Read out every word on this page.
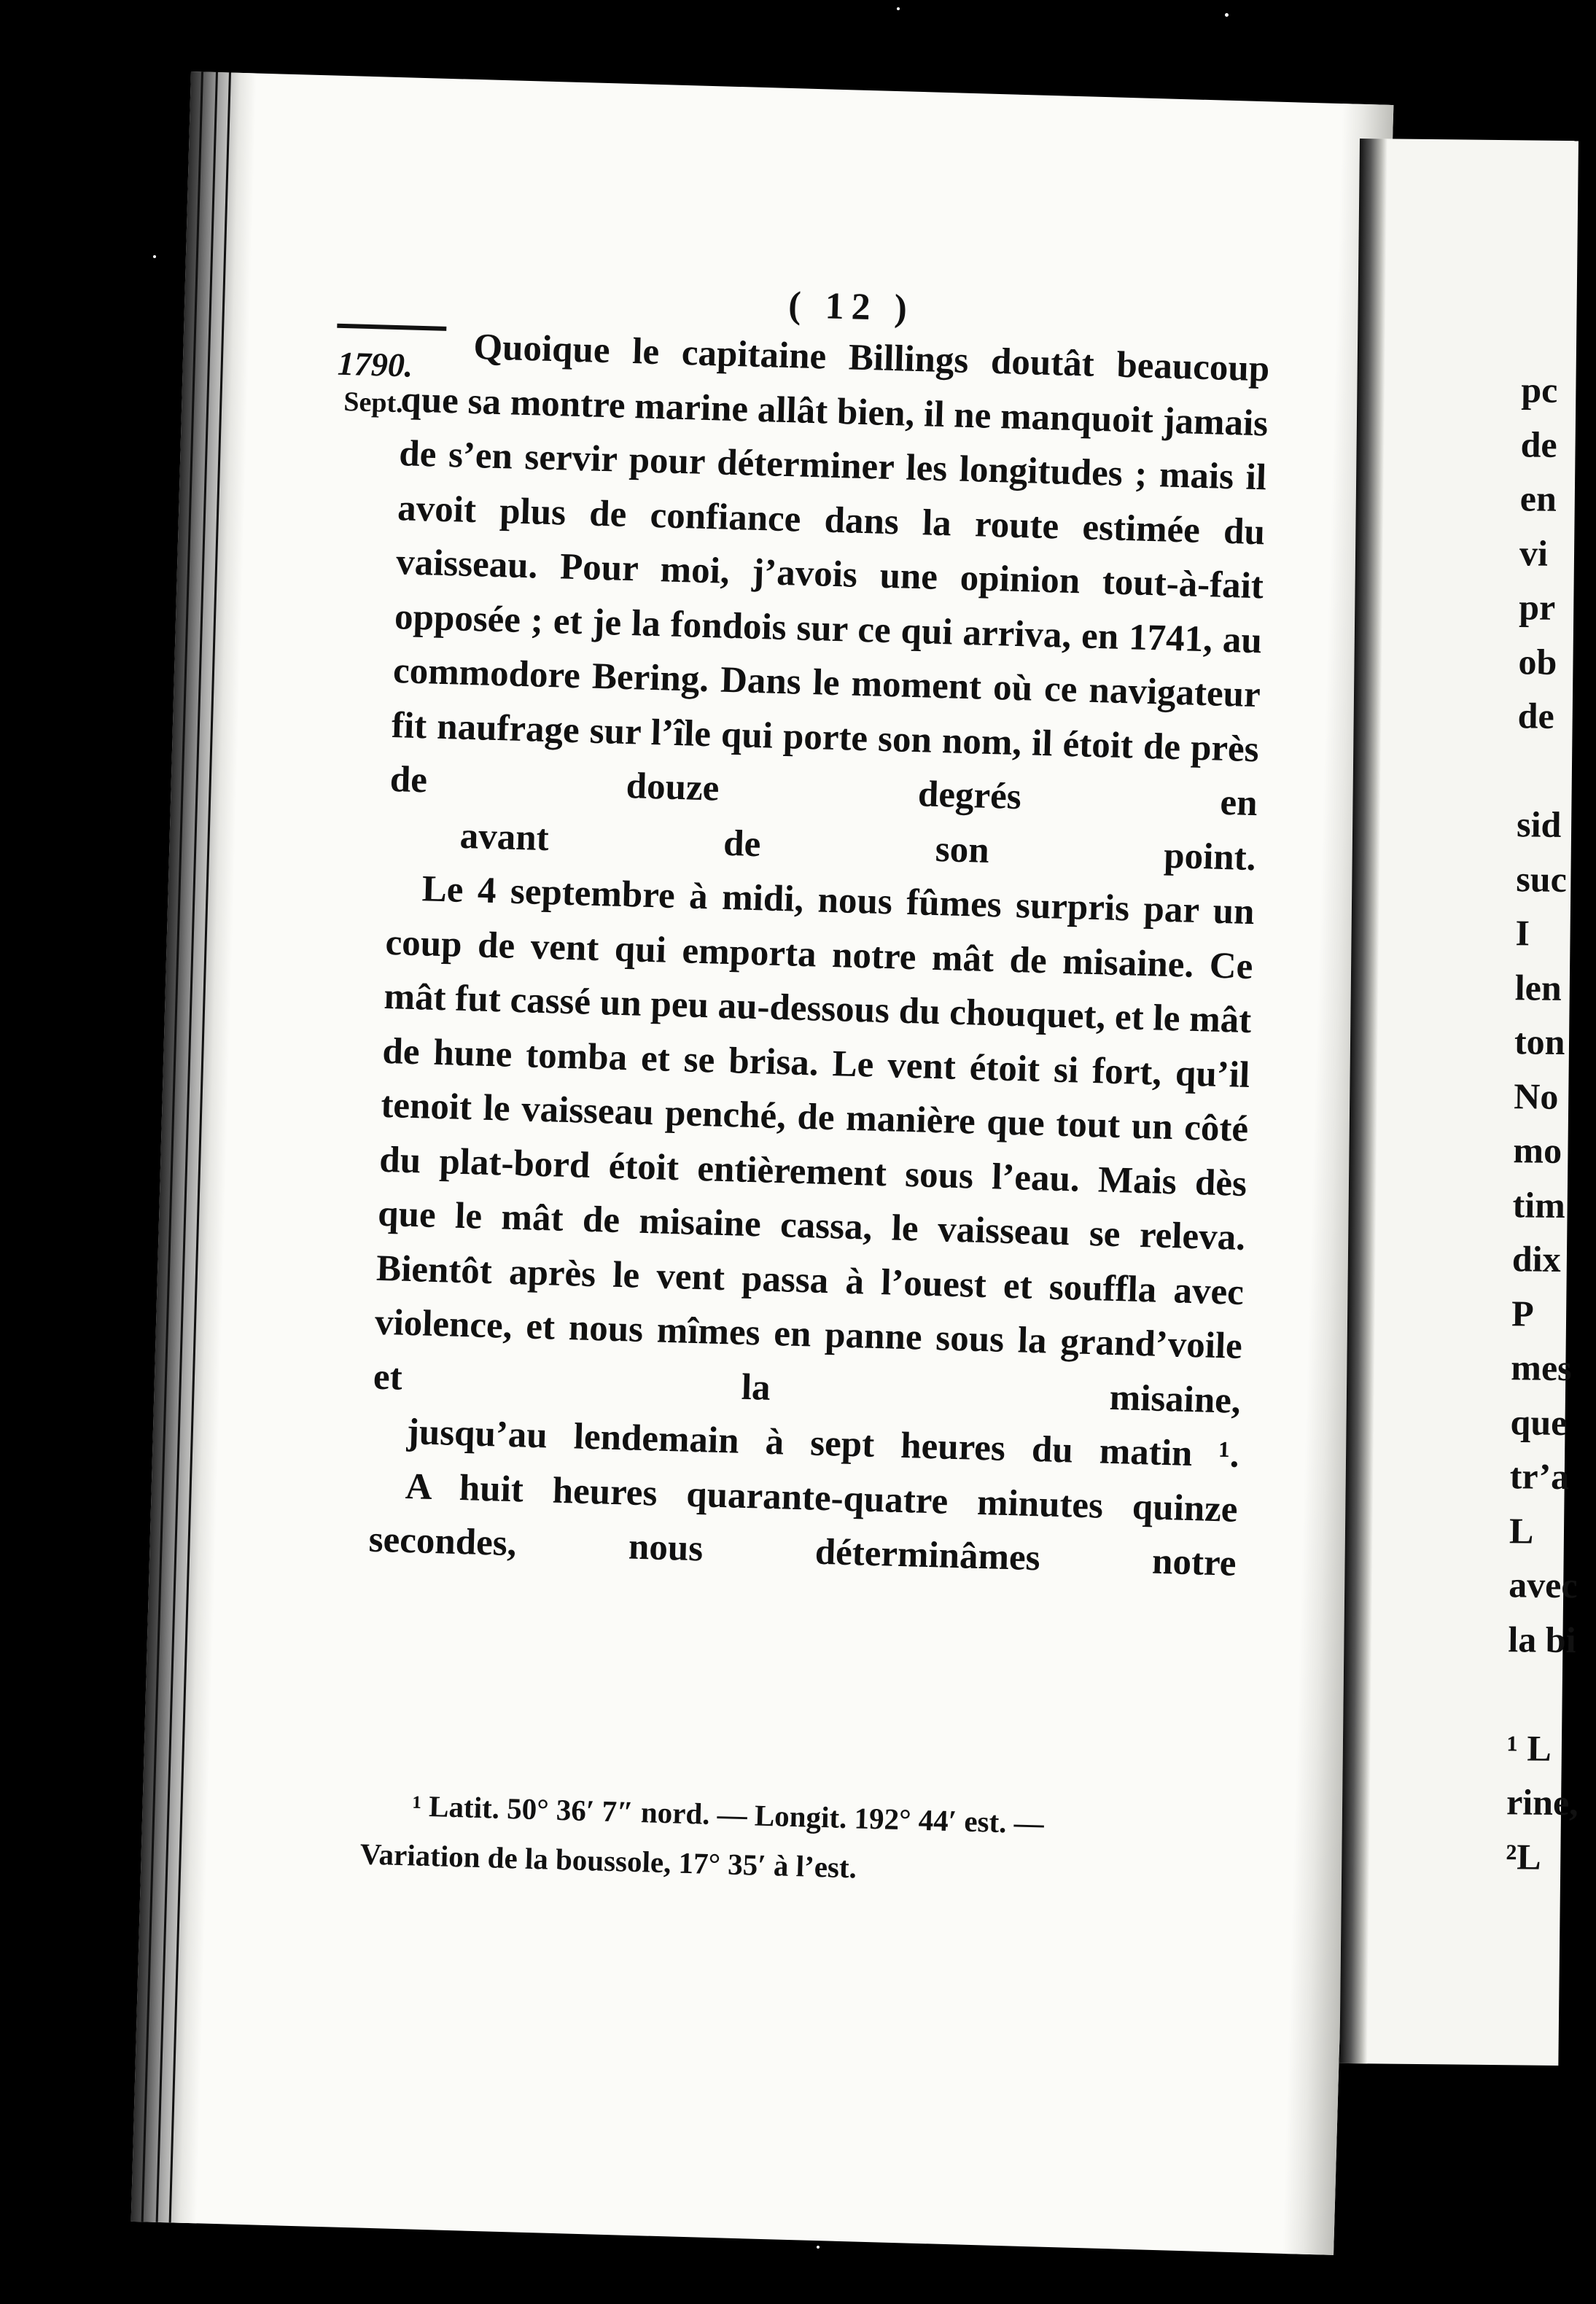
( 12 )

1790.
Sept.

Quoique le capitaine Billings doutât beaucoup que sa montre marine allât bien, il ne manquoit jamais de s’en servir pour déterminer les longitudes ; mais il avoit plus de confiance dans la route estimée du vaisseau. Pour moi, j’avois une opinion tout-à-fait opposée ; et je la fondois sur ce qui arriva, en 1741, au commodore Bering. Dans le moment où ce navigateur fit naufrage sur l’île qui porte son nom, il étoit de près de douze degrés en
avant de son point.

Le 4 septembre à midi, nous fûmes surpris par un coup de vent qui emporta notre mât de misaine. Ce mât fut cassé un peu au-dessous du chouquet, et le mât de hune tomba et se brisa. Le vent étoit si fort, qu’il tenoit le vaisseau penché, de manière que tout un côté du plat-bord étoit entièrement sous l’eau. Mais dès que le mât de misaine cassa, le vaisseau se releva. Bientôt après le vent passa à l’ouest et souffla avec violence, et nous mîmes en panne sous la grand’voile et la misaine,
jusqu’au lendemain à sept heures du matin ¹.

A huit heures quarante-quatre minutes quinze secondes, nous déterminâmes notre

¹ Latit. 50° 36′ 7″ nord. — Longit. 192° 44′ est. —

Variation de la boussole, 17° 35′ à l’est.

pc
de
en
vi
pr
ob
de
sid
suc
I
len
ton
No
mo
tim
dix
P
mes
que
tr’a
L
avec
la bi
¹ L
rine,
²L
